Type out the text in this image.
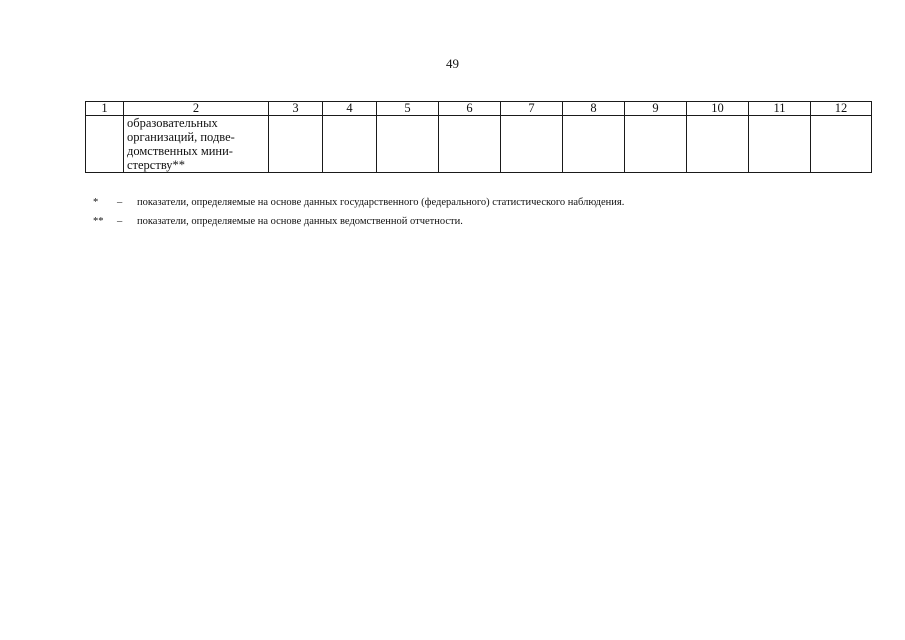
49
1	2	3	4	5	6	7	8	9	10	11	12

	образовательных
организаций, подве-
домственных мини-
стерству**										

*	–	показатели, определяемые на основе данных государственного (федерального) статистического наблюдения.
**	–	показатели, определяемые на основе данных ведомственной отчетности.
